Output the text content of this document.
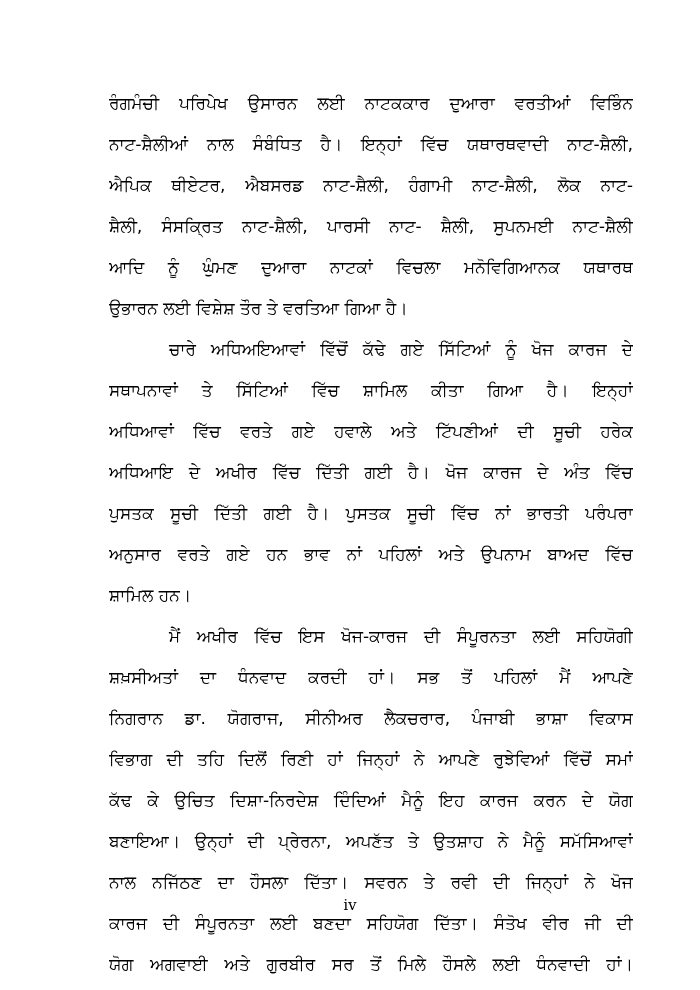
ਰੰਗਮੰਚੀ ਪਰਿਪੇਖ ਉਸਾਰਨ ਲਈ ਨਾਟਕਕਾਰ ਦੁਆਰਾ ਵਰਤੀਆਂ ਵਿਭਿੰਨ
ਨਾਟ-ਸ਼ੈਲੀਆਂ ਨਾਲ ਸੰਬੰਧਿਤ ਹੈ। ਇਨ੍ਹਾਂ ਵਿੱਚ ਯਥਾਰਥਵਾਦੀ ਨਾਟ-ਸ਼ੈਲੀ,
ਐਪਿਕ ਥੀਏਟਰ, ਐਬਸਰਡ ਨਾਟ-ਸ਼ੈਲੀ, ਹੰਗਾਮੀ ਨਾਟ-ਸ਼ੈਲੀ, ਲੋਕ ਨਾਟ-
ਸ਼ੈਲੀ, ਸੰਸਕ੍ਰਿਤ ਨਾਟ-ਸ਼ੈਲੀ, ਪਾਰਸੀ ਨਾਟ- ਸ਼ੈਲੀ, ਸੁਪਨਮਈ ਨਾਟ-ਸ਼ੈਲੀ
ਆਦਿ ਨੂੰ ਘੁੰਮਣ ਦੁਆਰਾ ਨਾਟਕਾਂ ਵਿਚਲਾ ਮਨੋਵਿਗਿਆਨਕ ਯਥਾਰਥ
ਉਭਾਰਨ ਲਈ ਵਿਸ਼ੇਸ਼ ਤੌਰ ਤੇ ਵਰਤਿਆ ਗਿਆ ਹੈ।

ਚਾਰੇ ਅਧਿਅਇਆਵਾਂ ਵਿੱਚੋਂ ਕੱਢੇ ਗਏ ਸਿੱਟਿਆਂ ਨੂੰ ਖੋਜ ਕਾਰਜ ਦੇ
ਸਥਾਪਨਾਵਾਂ ਤੇ ਸਿੱਟਿਆਂ ਵਿੱਚ ਸ਼ਾਮਿਲ ਕੀਤਾ ਗਿਆ ਹੈ। ਇਨ੍ਹਾਂ
ਅਧਿਆਵਾਂ ਵਿੱਚ ਵਰਤੇ ਗਏ ਹਵਾਲੇ ਅਤੇ ਟਿੱਪਣੀਆਂ ਦੀ ਸੂਚੀ ਹਰੇਕ
ਅਧਿਆਇ ਦੇ ਅਖੀਰ ਵਿੱਚ ਦਿੱਤੀ ਗਈ ਹੈ। ਖੋਜ ਕਾਰਜ ਦੇ ਅੰਤ ਵਿੱਚ
ਪੁਸਤਕ ਸੂਚੀ ਦਿੱਤੀ ਗਈ ਹੈ। ਪੁਸਤਕ ਸੂਚੀ ਵਿੱਚ ਨਾਂ ਭਾਰਤੀ ਪਰੰਪਰਾ
ਅਨੁਸਾਰ ਵਰਤੇ ਗਏ ਹਨ ਭਾਵ ਨਾਂ ਪਹਿਲਾਂ ਅਤੇ ਉਪਨਾਮ ਬਾਅਦ ਵਿੱਚ
ਸ਼ਾਮਿਲ ਹਨ।

ਮੈਂ ਅਖੀਰ ਵਿੱਚ ਇਸ ਖੋਜ-ਕਾਰਜ ਦੀ ਸੰਪੂਰਨਤਾ ਲਈ ਸਹਿਯੋਗੀ
ਸ਼ਖ਼ਸੀਅਤਾਂ ਦਾ ਧੰਨਵਾਦ ਕਰਦੀ ਹਾਂ। ਸਭ ਤੋਂ ਪਹਿਲਾਂ ਮੈਂ ਆਪਣੇ
ਨਿਗਰਾਨ ਡਾ. ਯੋਗਰਾਜ, ਸੀਨੀਅਰ ਲੈਕਚਰਾਰ, ਪੰਜਾਬੀ ਭਾਸ਼ਾ ਵਿਕਾਸ
ਵਿਭਾਗ ਦੀ ਤਹਿ ਦਿਲੋਂ ਰਿਣੀ ਹਾਂ ਜਿਨ੍ਹਾਂ ਨੇ ਆਪਣੇ ਰੁਝੇਵਿਆਂ ਵਿੱਚੋਂ ਸਮਾਂ
ਕੱਢ ਕੇ ਉਚਿਤ ਦਿਸ਼ਾ-ਨਿਰਦੇਸ਼ ਦਿੰਦਿਆਂ ਮੈਨੂੰ ਇਹ ਕਾਰਜ ਕਰਨ ਦੇ ਯੋਗ
ਬਣਾਇਆ। ਉਨ੍ਹਾਂ ਦੀ ਪ੍ਰੇਰਨਾ, ਅਪਣੱਤ ਤੇ ਉਤਸ਼ਾਹ ਨੇ ਮੈਨੂੰ ਸਮੱਸਿਆਵਾਂ
ਨਾਲ ਨਜਿੱਠਣ ਦਾ ਹੌਸਲਾ ਦਿੱਤਾ। ਸਵਰਨ ਤੇ ਰਵੀ ਦੀ ਜਿਨ੍ਹਾਂ ਨੇ ਖੋਜ
ਕਾਰਜ ਦੀ ਸੰਪੂਰਨਤਾ ਲਈ ਬਣਦਾ ਸਹਿਯੋਗ ਦਿੱਤਾ। ਸੰਤੋਖ ਵੀਰ ਜੀ ਦੀ
ਯੋਗ ਅਗਵਾਈ ਅਤੇ ਗੁਰਬੀਰ ਸਰ ਤੋਂ ਮਿਲੇ ਹੌਸਲੇ ਲਈ ਧੰਨਵਾਦੀ ਹਾਂ।

iv
